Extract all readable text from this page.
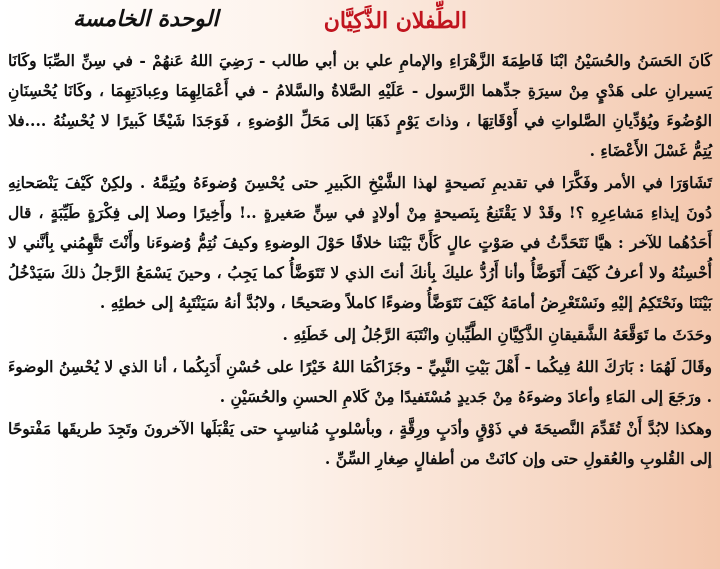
الطِّفلان الذَّكِيَّان
الوحدة الخامسة

كَانَ الحَسَنُ والحُسَيْنُ ابْنَا فَاطِمَةَ الزَّهْرَاءِ والإمامِ علي بن أبي طالب - رَضِيَ اللهُ عَنهُمْ - في سِنِّ الصِّبَا وكَانَا يَسيرانِ على هَدْيٍ مِنْ سيرَةِ جدِّهما الرَّسول - عَلَيْهِ الصَّلاةُ والسَّلامُ - في أَعْمَالِهِمَا وعِبادَتِهِمَا ، وكَانَا يُحْسِنَانِ الوُضُوءَ ويُؤدِّيانِ الصَّلواتِ في أَوْقَاتِهَا ، وذاتَ يَوْمٍ ذَهَبَا إلى مَحَلِّ الوُضوءِ ، فَوَجَدَا شَيْخًا كَبيرًا لا يُحْسِنُهُ ....فلا يُتِمُّ غَسْلَ الأَعْضَاءِ .

تَشَاوَرَا في الأمر وفَكَّرَا في تقديمِ نَصيحةٍ لهذا الشَّيْخِ الكَبيرِ حتى يُحْسِنَ وُضوءَهُ ويُتِمَّهُ . ولكِنْ كَيْفَ يَنْصَحانِهِ دُونَ إيذاءِ مَشاعِرِهِ ؟! وقَدْ لا يَقْتَنِعُ بِنَصيحةٍ مِنْ أولادٍ في سِنٍّ صَغيرةٍ ..! وأَخِيرًا وصلا إلى فِكْرَةٍ طَيِّبَةٍ ، قال أَحَدُهُما للآخر : هيَّا نَتَحَدَّثُ في صَوْتٍ عالٍ كَأَنَّ بَيْنَنا خلافًا حَوْلَ الوضوءِ وكيفَ نُتِمُّ وُضوءَنا وأَنْتَ تَتَّهِمُني بِأنَّني لا أُحْسِنُهُ ولا أعرفُ كَيْفَ أَتَوَضَّأُ وأنا أَرُدُّ عليكَ بِأنكَ أنتَ الذي لا تَتَوَضَّأُ كما يَجِبُ ، وحينَ يَسْمَعُ الرَّجلُ ذلكَ سَيَدْخُلُ بَيْنَنَا ونَحْتَكِمُ إليْهِ ونَسْتَعْرِضُ أمامَهُ كَيْفَ نَتَوَضَّأُ وضوءًا كاملاً وصَحيحًا ، ولابُدَّ أنهُ سَيَنْتَبِهُ إلى خطئِهِ .

وحَدَثَ ما تَوَقَّعَهُ الشَّقيقانِ الذَّكِيَّانِ الطَّيِّبانِ وانْتَبَهَ الرَّجُلُ إلى خَطَئِهِ .

وقَالَ لَهُمَا : بَارَكَ اللهُ فِيكُما - أَهْلَ بَيْتِ النَّبِيِّ - وجَزَاكُمَا اللهُ خَيْرًا على حُسْنِ أَدَبِكُما ، أنا الذي لا يُحْسِنُ الوضوءَ . ورَجَعَ إلى المَاءِ وأعادَ وضوءَهُ مِنْ جَديدٍ مُسْتَفيدًا مِنْ كَلامِ الحسنِ والحُسَيْنِ .

وهكذا لابُدَّ أَنْ تُقَدِّمَ النَّصيحَةَ في ذَوْقٍ وأدَبٍ ورِقَّةٍ ، وبأسْلوبٍ مُناسِبٍ حتى يَقْبَلَها الآخرونَ وتَجِدَ طريقَها مَفْتوحًا إلى القُلوبِ والعُقولِ حتى وإن كانَتْ من أطفالٍ صِغارِ السِّنِّ .
